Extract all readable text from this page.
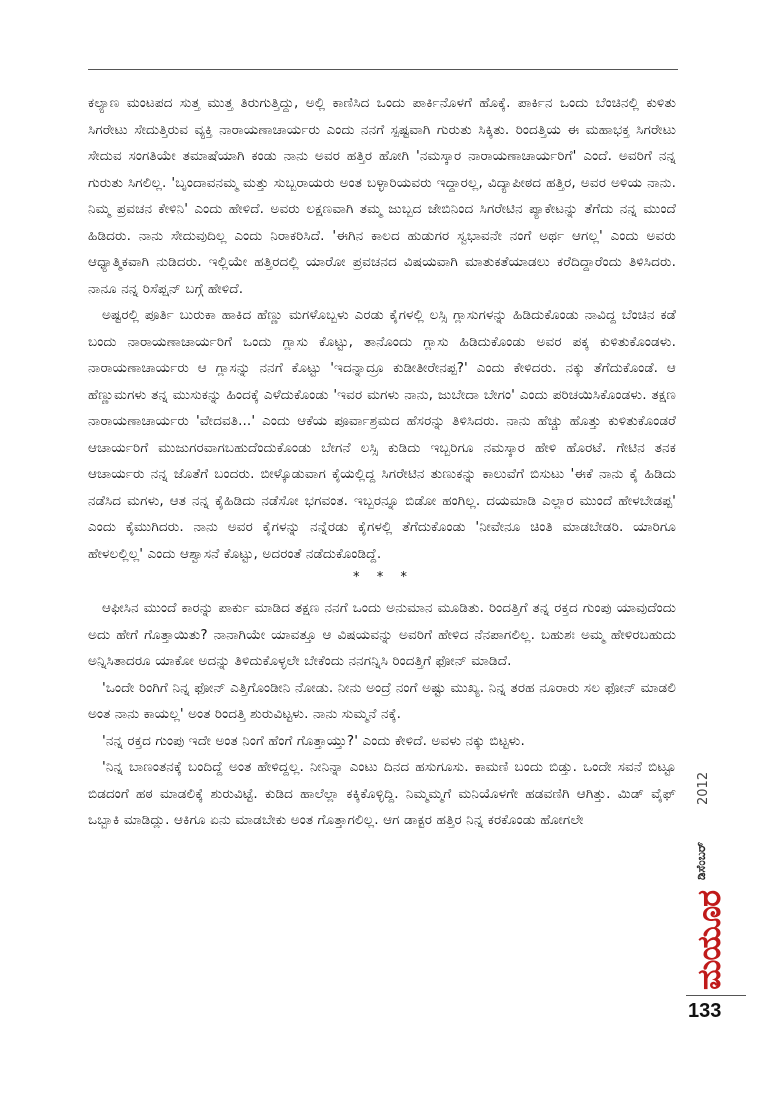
ಕಲ್ಯಾಣ ಮಂಟಪದ ಸುತ್ತ ಮುತ್ತ ತಿರುಗುತ್ತಿದ್ದು, ಅಲ್ಲಿ ಕಾಣಿಸಿದ ಒಂದು ಪಾರ್ಕಿನೊಳಗೆ ಹೊಕ್ಕೆ. ಪಾರ್ಕಿನ ಒಂದು ಬೆಂಚಿನಲ್ಲಿ ಕುಳಿತು ಸಿಗರೇಟು ಸೇದುತ್ತಿರುವ ವ್ಯಕ್ತಿ ನಾರಾಯಣಾಚಾರ್ಯರು ಎಂದು ನನಗೆ ಸ್ಪಷ್ಟವಾಗಿ ಗುರುತು ಸಿಕ್ಕಿತು. ರಿಂದತ್ತಿಯ ಈ ಮಹಾಭಕ್ತ ಸಿಗರೇಟು ಸೇದುವ ಸಂಗತಿಯೇ ತಮಾಷೆಯಾಗಿ ಕಂಡು ನಾನು ಅವರ ಹತ್ತಿರ ಹೋಗಿ 'ನಮಸ್ಕಾರ ನಾರಾಯಣಾಚಾರ್ಯರಿಗೆ' ಎಂದೆ. ಅವರಿಗೆ ನನ್ನ ಗುರುತು ಸಿಗಲಿಲ್ಲ. 'ಬೃಂದಾವನಮ್ಮ ಮತ್ತು ಸುಬ್ಬರಾಯರು ಅಂತ ಬಳ್ಳಾರಿಯವರು ಇದ್ದಾರಲ್ಲ, ವಿದ್ಯಾಪೀಠದ ಹತ್ತಿರ, ಅವರ ಅಳಿಯ ನಾನು. ನಿಮ್ಮ ಪ್ರವಚನ ಕೇಳಿನಿ' ಎಂದು ಹೇಳಿದೆ. ಅವರು ಲಕ್ಷಣವಾಗಿ ತಮ್ಮ ಜುಬ್ಬದ ಜೇಬಿನಿಂದ ಸಿಗರೇಟಿನ ಪ್ಯಾಕೇಟನ್ನು ತೆಗೆದು ನನ್ನ ಮುಂದೆ ಹಿಡಿದರು. ನಾನು ಸೇದುವುದಿಲ್ಲ ಎಂದು ನಿರಾಕರಿಸಿದೆ. 'ಈಗಿನ ಕಾಲದ ಹುಡುಗರ ಸ್ವಭಾವನೇ ನಂಗೆ ಅರ್ಥ ಆಗಲ್ಲ' ಎಂದು ಅವರು ಆಧ್ಯಾತ್ಮಿಕವಾಗಿ ನುಡಿದರು. ಇಲ್ಲಿಯೇ ಹತ್ತಿರದಲ್ಲಿ ಯಾರೋ ಪ್ರವಚನದ ವಿಷಯವಾಗಿ ಮಾತುಕತೆಯಾಡಲು ಕರೆದಿದ್ದಾರೆಂದು ತಿಳಿಸಿದರು. ನಾನೂ ನನ್ನ ರಿಸೆಪ್ಷನ್ ಬಗ್ಗೆ ಹೇಳಿದೆ.

ಅಷ್ಟರಲ್ಲಿ ಪೂರ್ತಿ ಬುರುಕಾ ಹಾಕಿದ ಹೆಣ್ಣು ಮಗಳೊಬ್ಬಳು ಎರಡು ಕೈಗಳಲ್ಲಿ ಲಸ್ಸಿ ಗ್ಲಾಸುಗಳನ್ನು ಹಿಡಿದುಕೊಂಡು ನಾವಿದ್ದ ಬೆಂಚಿನ ಕಡೆ ಬಂದು ನಾರಾಯಣಾಚಾರ್ಯರಿಗೆ ಒಂದು ಗ್ಲಾಸು ಕೊಟ್ಟು, ತಾನೊಂದು ಗ್ಲಾಸು ಹಿಡಿದುಕೊಂಡು ಅವರ ಪಕ್ಕ ಕುಳಿತುಕೊಂಡಳು. ನಾರಾಯಣಾಚಾರ್ಯರು ಆ ಗ್ಲಾಸನ್ನು ನನಗೆ ಕೊಟ್ಟು 'ಇದನ್ನಾದ್ರೂ ಕುಡೀತೀರೇನಪ್ಪ?' ಎಂದು ಕೇಳಿದರು. ನಕ್ಕು ತೆಗೆದುಕೊಂಡೆ. ಆ ಹೆಣ್ಣುಮಗಳು ತನ್ನ ಮುಸುಕನ್ನು ಹಿಂದಕ್ಕೆ ಎಳೆದುಕೊಂಡು 'ಇವರ ಮಗಳು ನಾನು, ಜುಬೇದಾ ಬೇಗಂ' ಎಂದು ಪರಿಚಯಿಸಿಕೊಂಡಳು. ತಕ್ಷಣ ನಾರಾಯಣಾಚಾರ್ಯರು 'ವೇದವತಿ...' ಎಂದು ಆಕೆಯ ಪೂರ್ವಾಶ್ರಮದ ಹೆಸರನ್ನು ತಿಳಿಸಿದರು. ನಾನು ಹೆಚ್ಚು ಹೊತ್ತು ಕುಳಿತುಕೊಂಡರೆ ಆಚಾರ್ಯರಿಗೆ ಮುಜುಗರವಾಗಬಹುದೆಂದುಕೊಂಡು ಬೇಗನೆ ಲಸ್ಸಿ ಕುಡಿದು ಇಬ್ಬರಿಗೂ ನಮಸ್ಕಾರ ಹೇಳಿ ಹೊರಟೆ. ಗೇಟಿನ ತನಕ ಆಚಾರ್ಯರು ನನ್ನ ಜೊತೆಗೆ ಬಂದರು. ಬೀಳ್ಕೊಡುವಾಗ ಕೈಯಲ್ಲಿದ್ದ ಸಿಗರೇಟಿನ ತುಣುಕನ್ನು ಕಾಲುವೆಗೆ ಬಿಸುಟು 'ಈಕೆ ನಾನು ಕೈ ಹಿಡಿದು ನಡೆಸಿದ ಮಗಳು, ಆತ ನನ್ನ ಕೈಹಿಡಿದು ನಡೆಸೋ ಭಗವಂತ. ಇಬ್ಬರನ್ನೂ ಬಿಡೋ ಹಂಗಿಲ್ಲ. ದಯಮಾಡಿ ಎಲ್ಲಾರ ಮುಂದೆ ಹೇಳಬೇಡಪ್ಪ' ಎಂದು ಕೈಮುಗಿದರು. ನಾನು ಅವರ ಕೈಗಳನ್ನು ನನ್ನೆರಡು ಕೈಗಳಲ್ಲಿ ತೆಗೆದುಕೊಂಡು 'ನೀವೇನೂ ಚಿಂತಿ ಮಾಡಬೇಡರಿ. ಯಾರಿಗೂ ಹೇಳಲಲ್ಲಿಲ್ಲ' ಎಂದು ಆಶ್ವಾಸನೆ ಕೊಟ್ಟು, ಅದರಂತೆ ನಡೆದುಕೊಂಡಿದ್ದೆ.

* * *

ಆಫೀಸಿನ ಮುಂದೆ ಕಾರನ್ನು ಪಾರ್ಕು ಮಾಡಿದ ತಕ್ಷಣ ನನಗೆ ಒಂದು ಅನುಮಾನ ಮೂಡಿತು. ರಿಂದತ್ತಿಗೆ ತನ್ನ ರಕ್ತದ ಗುಂಪು ಯಾವುದೆಂದು ಅದು ಹೇಗೆ ಗೊತ್ತಾಯಿತು? ನಾನಾಗಿಯೇ ಯಾವತ್ತೂ ಆ ವಿಷಯವನ್ನು ಅವರಿಗೆ ಹೇಳಿದ ನೆನಪಾಗಲಿಲ್ಲ. ಬಹುಶಃ ಅಮ್ಮ ಹೇಳಿರಬಹುದು ಅನ್ನಿಸಿತಾದರೂ ಯಾಕೋ ಅದನ್ನು ತಿಳಿದುಕೊಳ್ಳಲೇ ಬೇಕೆಂದು ನನಗನ್ನಿಸಿ ರಿಂದತ್ತಿಗೆ ಫೋನ್ ಮಾಡಿದೆ.

'ಒಂದೇ ರಿಂಗಿಗೆ ನಿನ್ನ ಫೋನ್ ಎತ್ತಿಗೊಂಡೀನಿ ನೋಡು. ನೀನು ಅಂದ್ರೆ ನಂಗೆ ಅಷ್ಟು ಮುಖ್ಯ. ನಿನ್ನ ತರಹ ನೂರಾರು ಸಲ ಫೋನ್ ಮಾಡಲಿ ಅಂತ ನಾನು ಕಾಯಲ್ಲ' ಅಂತ ರಿಂದತ್ತಿ ಶುರುವಿಟ್ಟಳು. ನಾನು ಸುಮ್ಮನೆ ನಕ್ಕೆ.

'ನನ್ನ ರಕ್ತದ ಗುಂಪು ಇದೇ ಅಂತ ನಿಂಗೆ ಹೆಂಗೆ ಗೊತ್ತಾಯ್ತು?' ಎಂದು ಕೇಳಿದೆ. ಅವಳು ನಕ್ಕು ಬಿಟ್ಟಳು.

'ನಿನ್ನ ಬಾಣಂತನಕ್ಕೆ ಬಂದಿದ್ದೆ ಅಂತ ಹೇಳಿದ್ದಲ್ಲ. ನೀನಿನ್ನಾ ಎಂಟು ದಿನದ ಹಸುಗೂಸು. ಕಾಮಣಿ ಬಂದು ಬಿಡ್ತು. ಒಂದೇ ಸವನೆ ಬಿಟ್ಟೂ ಬಿಡದಂಗೆ ಹಠ ಮಾಡಲಿಕ್ಕೆ ಶುರುವಿಟ್ಟೆ. ಕುಡಿದ ಹಾಲೆಲ್ಲಾ ಕಕ್ಕಿಕೊಳ್ಳಿದ್ದಿ. ನಿಮ್ಮಮ್ಮಗೆ ಮನಿಯೊಳಗೇ ಹಡವಣಿಗಿ ಆಗಿತ್ತು. ಮಿಡ್ ವೈಫ್ ಒಬ್ಬಾಕಿ ಮಾಡಿದ್ಲು. ಆಕಿಗೂ ಏನು ಮಾಡಬೇಕು ಅಂತ ಗೊತ್ತಾಗಲಿಲ್ಲ. ಆಗ ಡಾಕ್ಟರ ಹತ್ತಿರ ನಿನ್ನ ಕರಕೊಂಡು ಹೋಗಲೇ

2012
ಡಿಸೆಂಬರ್
ಮಯೂರ
133
